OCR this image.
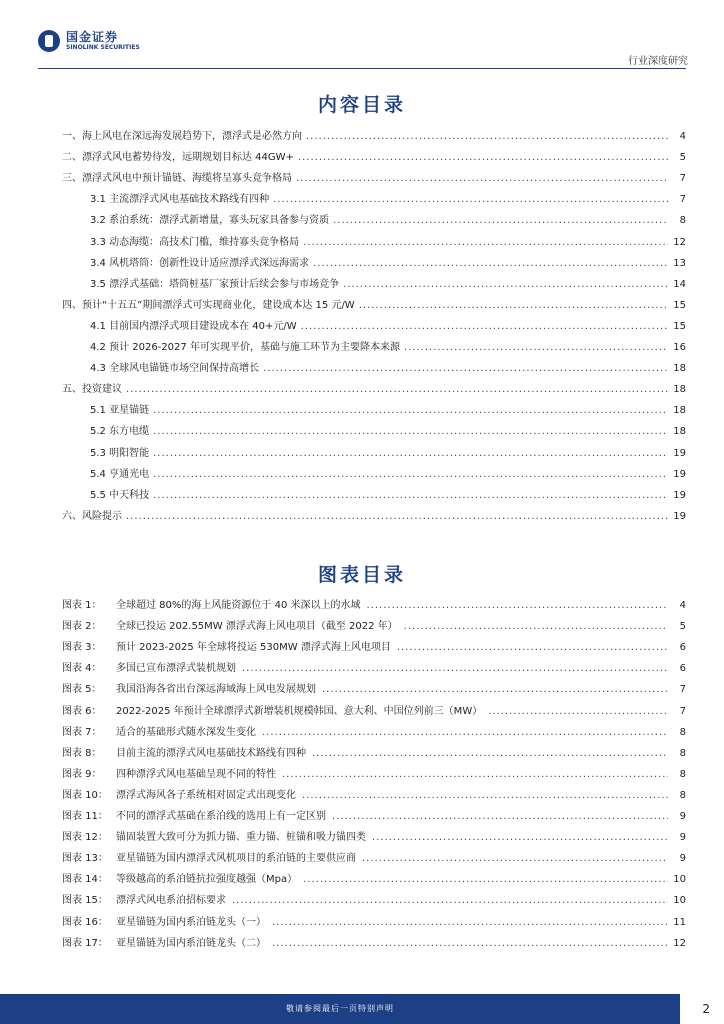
国金证券
SINOLINK SECURITIES
行业深度研究
内容目录
一、海上风电在深远海发展趋势下，漂浮式是必然方向 .....	4
二、漂浮式风电蓄势待发，远期规划目标达 44GW+ .....	5
三、漂浮式风电中预计锚链、海缆将呈寡头竞争格局 .....	7
3.1 主流漂浮式风电基础技术路线有四种 .....	7
3.2 系泊系统：漂浮式新增量，寡头玩家具备参与资质 .....	8
3.3 动态海缆：高技术门槛，维持寡头竞争格局 .....	12
3.4 风机塔筒：创新性设计适应漂浮式深远海需求 .....	13
3.5 漂浮式基础：塔筒桩基厂家预计后续会参与市场竞争 .....	14
四、预计“十五五”期间漂浮式可实现商业化，建设成本达 15 元/W .....	15
4.1 目前国内漂浮式项目建设成本在 40+元/W .....	15
4.2 预计 2026-2027 年可实现平价，基础与施工环节为主要降本来源 .....	16
4.3 全球风电锚链市场空间保持高增长 .....	18
五、投资建议 .....	18
5.1 亚星锚链 .....	18
5.2 东方电缆 .....	18
5.3 明阳智能 .....	19
5.4 亨通光电 .....	19
5.5 中天科技 .....	19
六、风险提示 .....	19
图表目录
图表 1：	全球超过 80%的海上风能资源位于 40 米深以上的水域 .....	4
图表 2：	全球已投运 202.55MW 漂浮式海上风电项目（截至 2022 年） .....	5
图表 3：	预计 2023-2025 年全球将投运 530MW 漂浮式海上风电项目 .....	6
图表 4：	多国已宣布漂浮式装机规划 .....	6
图表 5：	我国沿海各省出台深远海域海上风电发展规划 .....	7
图表 6：	2022-2025 年预计全球漂浮式新增装机规模韩国、意大利、中国位列前三（MW） .....	7
图表 7：	适合的基础形式随水深发生变化 .....	8
图表 8：	目前主流的漂浮式风电基础技术路线有四种 .....	8
图表 9：	四种漂浮式风电基础呈现不同的特性 .....	8
图表 10： 漂浮式海风各子系统相对固定式出现变化 .....	8
图表 11： 不同的漂浮式基础在系泊线的选用上有一定区别 .....	9
图表 12： 锚固装置大致可分为抓力锚、重力锚、桩锚和吸力锚四类 .....	9
图表 13： 亚星锚链为国内漂浮式风机项目的系泊链的主要供应商 .....	9
图表 14： 等级越高的系泊链抗拉强度越强（Mpa） .....	10
图表 15： 漂浮式风电系泊招标要求 .....	10
图表 16： 亚星锚链为国内系泊链龙头（一） .....	11
图表 17： 亚星锚链为国内系泊链龙头（二） .....	12
敬请参阅最后一页特别声明	2
